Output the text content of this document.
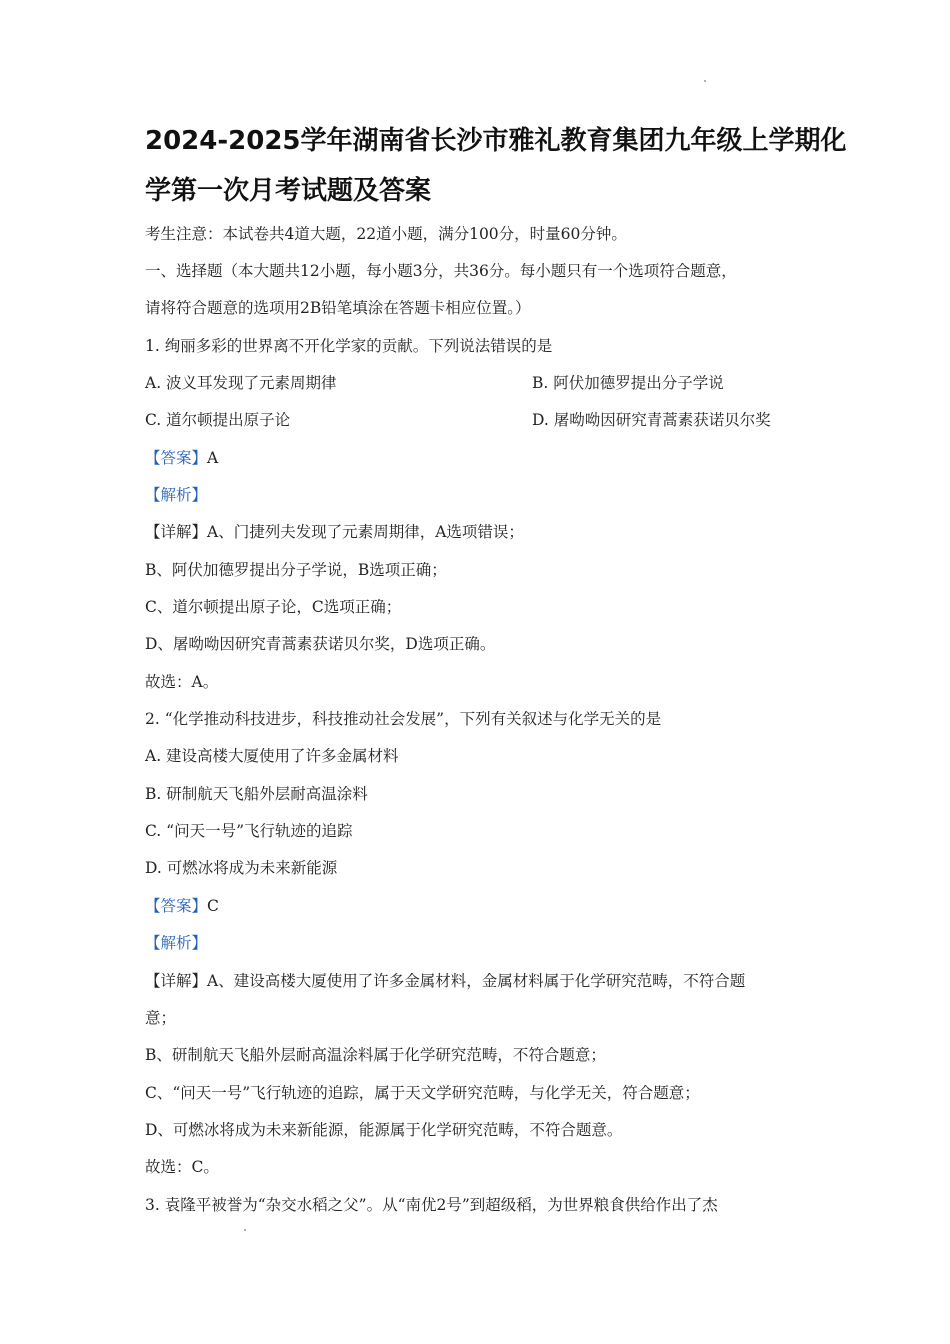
2024-2025学年湖南省长沙市雅礼教育集团九年级上学期化
学第一次月考试题及答案
考生注意：本试卷共4道大题，22道小题，满分100分，时量60分钟。
一、选择题（本大题共12小题，每小题3分，共36分。每小题只有一个选项符合题意，
请将符合题意的选项用2B铅笔填涂在答题卡相应位置。）
1. 绚丽多彩的世界离不开化学家的贡献。下列说法错误的是
A. 波义耳发现了元素周期律	B. 阿伏加德罗提出分子学说
C. 道尔顿提出原子论	D. 屠呦呦因研究青蒿素获诺贝尔奖
【答案】A
【解析】
【详解】A、门捷列夫发现了元素周期律，A选项错误；
B、阿伏加德罗提出分子学说，B选项正确；
C、道尔顿提出原子论，C选项正确；
D、屠呦呦因研究青蒿素获诺贝尔奖，D选项正确。
故选：A。
2. “化学推动科技进步，科技推动社会发展”，下列有关叙述与化学无关的是
A. 建设高楼大厦使用了许多金属材料
B. 研制航天飞船外层耐高温涂料
C. “问天一号”飞行轨迹的追踪
D. 可燃冰将成为未来新能源
【答案】C
【解析】
【详解】A、建设高楼大厦使用了许多金属材料，金属材料属于化学研究范畴，不符合题
意；
B、研制航天飞船外层耐高温涂料属于化学研究范畴，不符合题意；
C、“问天一号”飞行轨迹的追踪，属于天文学研究范畴，与化学无关，符合题意；
D、可燃冰将成为未来新能源，能源属于化学研究范畴，不符合题意。
故选：C。
3. 袁隆平被誉为“杂交水稻之父”。从“南优2号”到超级稻，为世界粮食供给作出了杰
